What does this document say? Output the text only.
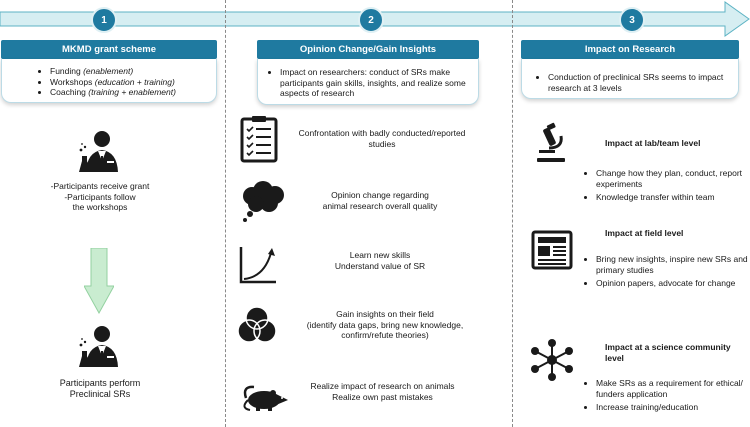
1	2	3
MKMD grant scheme
• Funding (enablement)
• Workshops (education + training)
• Coaching (training + enablement)
-Participants receive grant
-Participants follow
the workshops
Participants perform
Preclinical SRs
Opinion Change/Gain Insights
• Impact on researchers: conduct of SRs make participants gain skills, insights, and realize some aspects of research
Confrontation with badly conducted/reported
studies
Opinion change regarding
animal research overall quality
Learn new skills
Understand value of SR
Gain insights on their field
(identify data gaps, bring new knowledge,
confirm/refute theories)
Realize impact of research on animals
Realize own past mistakes
Impact on Research
• Conduction of preclinical SRs seems to impact research at 3 levels
Impact at lab/team level
• Change how they plan, conduct, report experiments
• Knowledge transfer within team
Impact at field level
• Bring new insights, inspire new SRs and primary studies
• Opinion papers, advocate for change
Impact at a science community level
• Make SRs as a requirement for ethical/ funders application
• Increase training/education
